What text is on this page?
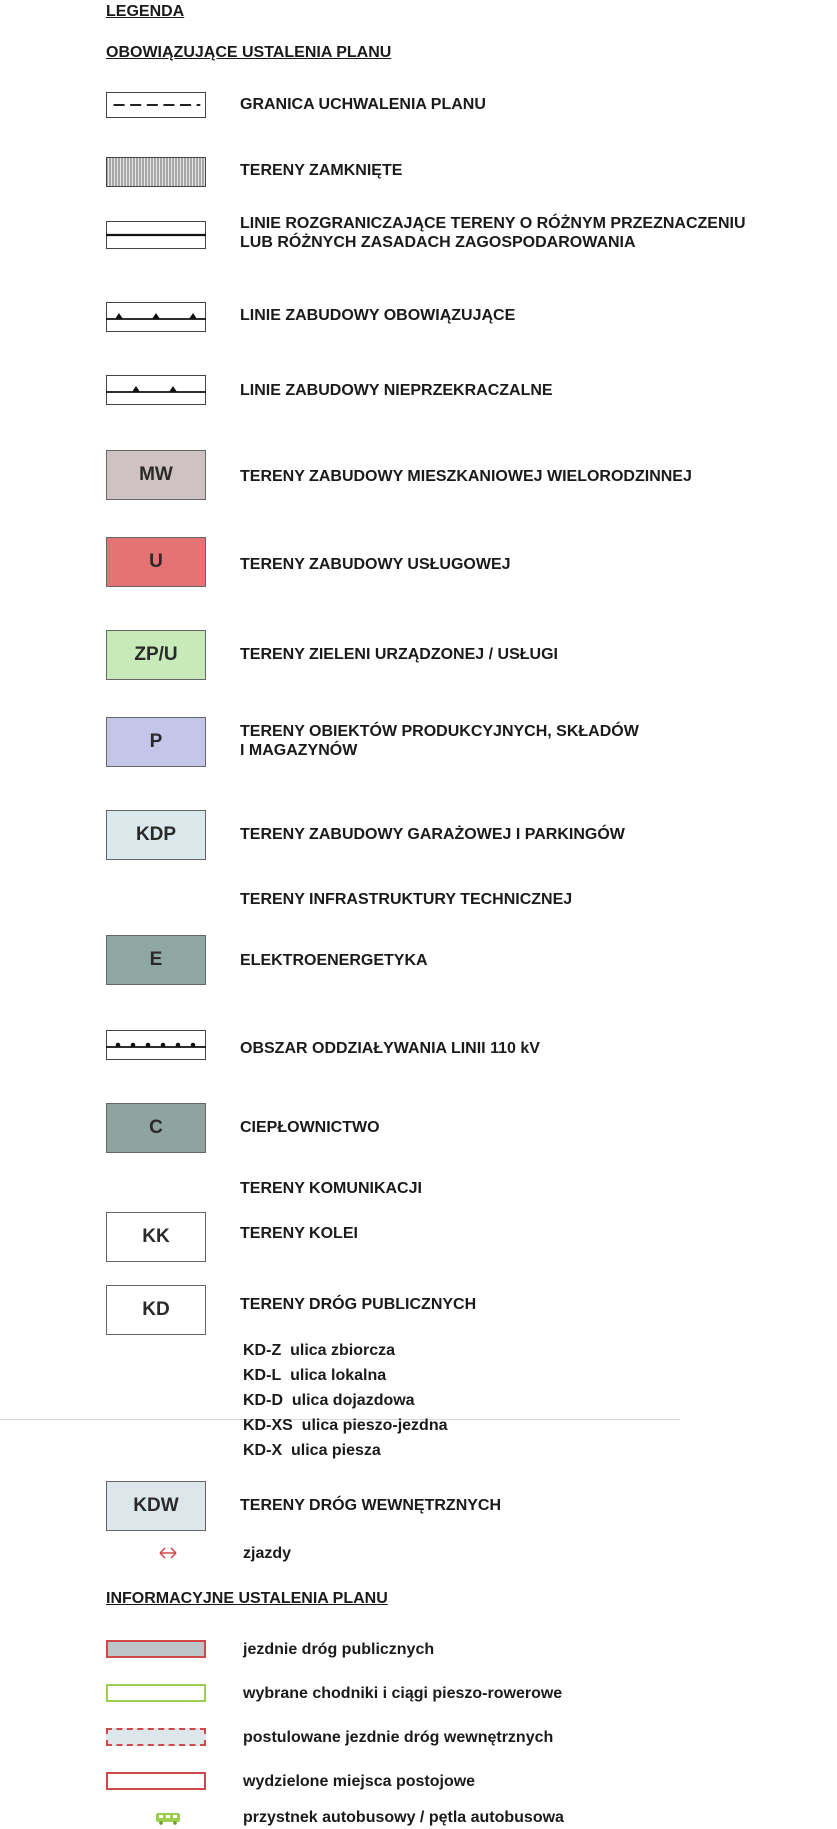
LEGENDA
OBOWIĄZUJĄCE USTALENIA PLANU
GRANICA UCHWALENIA PLANU
TERENY ZAMKNIĘTE
LINIE ROZGRANICZAJĄCE TERENY O RÓŻNYM PRZEZNACZENIU
LUB RÓŻNYCH ZASADACH ZAGOSPODAROWANIA
LINIE ZABUDOWY OBOWIĄZUJĄCE
LINIE ZABUDOWY NIEPRZEKRACZALNE
MW	TERENY ZABUDOWY MIESZKANIOWEJ WIELORODZINNEJ
U	TERENY ZABUDOWY USŁUGOWEJ
ZP/U	TERENY ZIELENI URZĄDZONEJ / USŁUGI
P	TERENY OBIEKTÓW PRODUKCYJNYCH, SKŁADÓW
I MAGAZYNÓW
KDP	TERENY ZABUDOWY GARAŻOWEJ I PARKINGÓW
TERENY INFRASTRUKTURY TECHNICZNEJ
E	ELEKTROENERGETYKA
OBSZAR ODDZIAŁYWANIA LINII 110 kV
C	CIEPŁOWNICTWO
TERENY KOMUNIKACJI
KK	TERENY KOLEI
KD	TERENY DRÓG PUBLICZNYCH
KD-Z ulica zbiorcza
KD-L ulica lokalna
KD-D ulica dojazdowa
KD-XS ulica pieszo-jezdna
KD-X ulica piesza
KDW	TERENY DRÓG WEWNĘTRZNYCH
zjazdy
INFORMACYJNE USTALENIA PLANU
jezdnie dróg publicznych
wybrane chodniki i ciągi pieszo-rowerowe
postulowane jezdnie dróg wewnętrznych
wydzielone miejsca postojowe
przystnek autobusowy / pętla autobusowa
